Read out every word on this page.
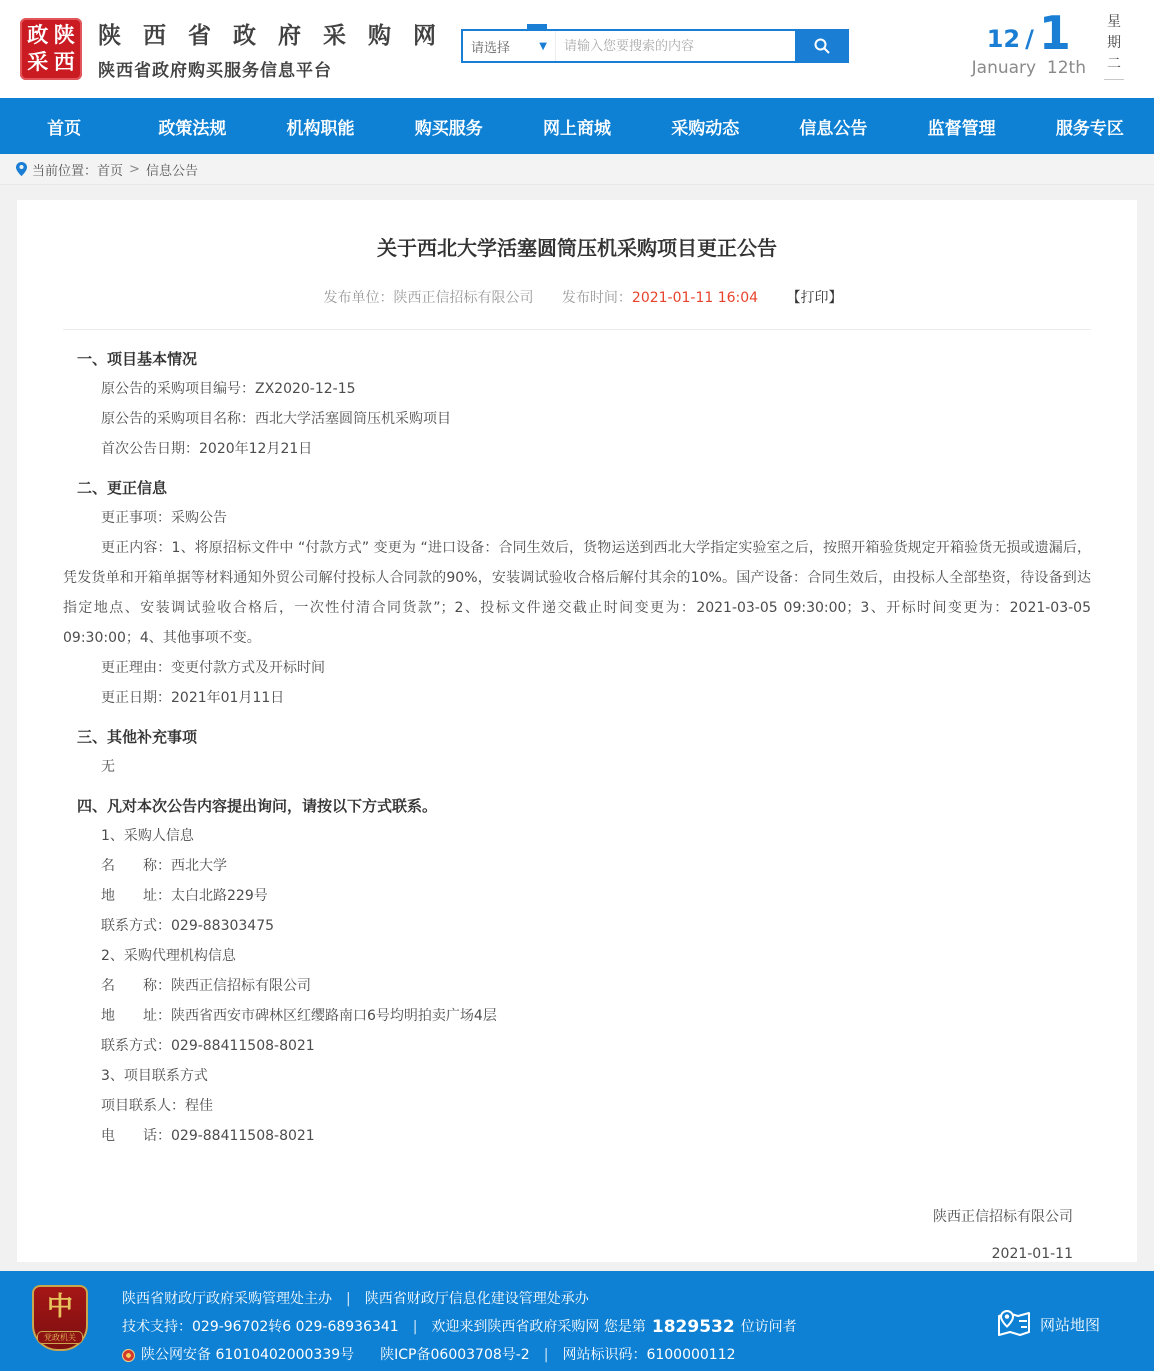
政 陕
采 西
陕 西 省 政 府 采 购 网
陕西省政府购买服务信息平台
请选择	▼
请输入您要搜索的内容	12 / 1
January 12th
星期二
首页	政策法规	机构职能	购买服务	网上商城	采购动态	信息公告	监督管理	服务专区
当前位置： 首页 > 信息公告
关于西北大学活塞圆筒压机采购项目更正公告
发布单位：陕西正信招标有限公司 发布时间：2021-01-11 16:04 【打印】
一、项目基本情况
原公告的采购项目编号：ZX2020-12-15
原公告的采购项目名称：西北大学活塞圆筒压机采购项目
首次公告日期：2020年12月21日
二、更正信息
更正事项：采购公告
更正内容：1、将原招标文件中 “付款方式” 变更为 “进口设备：合同生效后，货物运送到西北大学指定实验室之后，按照开箱验货规定开箱验货无损或遗漏后，凭发货单和开箱单据等材料通知外贸公司解付投标人合同款的90%，安装调试验收合格后解付其余的10%。国产设备：合同生效后，由投标人全部垫资，待设备到达指定地点、安装调试验收合格后，一次性付清合同货款”；2、投标文件递交截止时间变更为：2021-03-05 09:30:00；3、开标时间变更为：2021-03-05 09:30:00；4、其他事项不变。
更正理由：变更付款方式及开标时间
更正日期：2021年01月11日
三、其他补充事项
无
四、凡对本次公告内容提出询问，请按以下方式联系。
1、采购人信息
名　　称：西北大学
地　　址：太白北路229号
联系方式：029-88303475
2、采购代理机构信息
名　　称：陕西正信招标有限公司
地　　址：陕西省西安市碑林区红缨路南口6号均明拍卖广场4层
联系方式：029-88411508-8021
3、项目联系方式
项目联系人：程佳
电　　话：029-88411508-8021
陕西正信招标有限公司
2021-01-11
中
党政机关
陕西省财政厅政府采购管理处主办 | 陕西省财政厅信息化建设管理处承办
技术支持：029-96702转6 029-68936341 | 欢迎来到陕西省政府采购网 您是第 1829532 位访问者
陕公网安备 61010402000339号 陕ICP备06003708号-2 | 网站标识码：6100000112
网站地图
